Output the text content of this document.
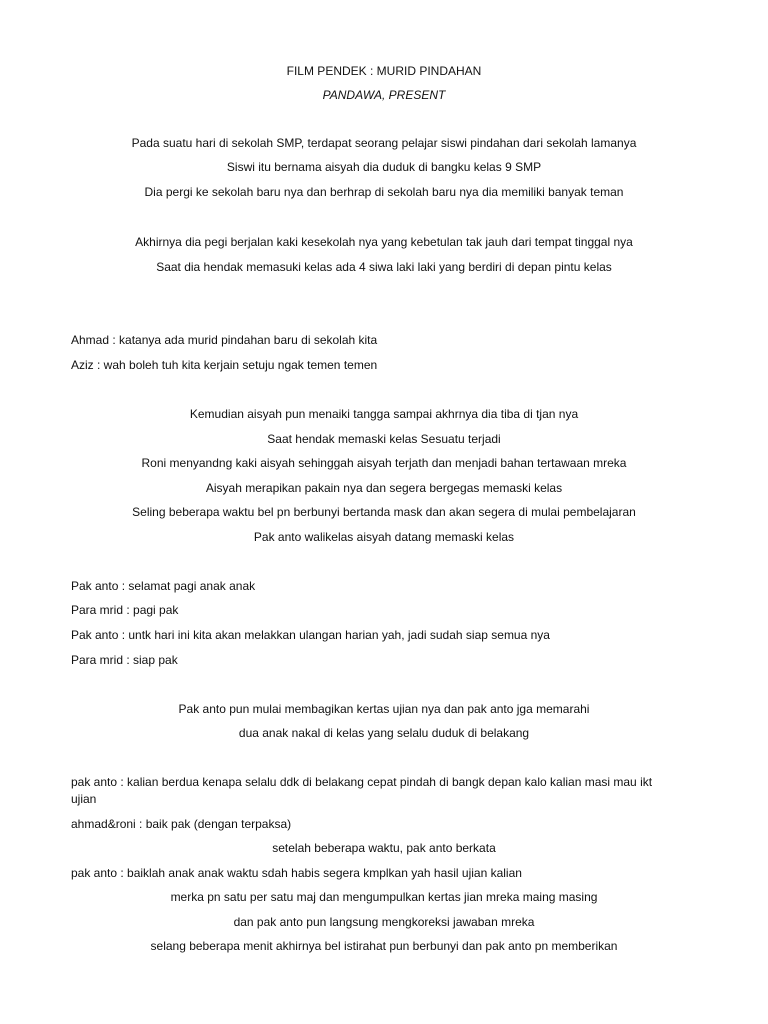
FILM PENDEK : MURID PINDAHAN
PANDAWA, PRESENT
Pada suatu hari di sekolah SMP, terdapat seorang pelajar siswi pindahan dari sekolah lamanya
Siswi itu bernama aisyah dia duduk di bangku kelas 9 SMP
Dia pergi ke sekolah baru nya dan berhrap di sekolah baru nya dia memiliki banyak teman
Akhirnya dia pegi berjalan kaki kesekolah nya yang kebetulan tak jauh dari tempat tinggal nya
Saat dia hendak memasuki kelas ada 4 siwa laki laki yang berdiri di depan pintu kelas
Ahmad : katanya ada murid pindahan baru di sekolah kita
Aziz : wah boleh tuh kita kerjain setuju ngak temen temen
Kemudian aisyah pun menaiki tangga sampai akhrnya dia tiba di tjan nya
Saat hendak memaski kelas Sesuatu terjadi
Roni menyandng kaki aisyah sehinggah aisyah terjath dan menjadi bahan tertawaan mreka
Aisyah merapikan pakain nya dan segera bergegas memaski kelas
Seling beberapa waktu bel pn berbunyi bertanda mask dan akan segera di mulai pembelajaran
Pak anto walikelas aisyah datang memaski kelas
Pak anto : selamat pagi anak anak
Para mrid : pagi pak
Pak anto : untk hari ini kita akan melakkan ulangan harian yah, jadi sudah siap semua nya
Para mrid : siap pak
Pak anto pun mulai membagikan kertas ujian nya dan pak anto jga memarahi
dua anak nakal di kelas yang selalu duduk di belakang
pak anto : kalian berdua kenapa selalu ddk di belakang cepat pindah di bangk depan kalo kalian masi mau ikt
ujian
ahmad&roni : baik pak (dengan terpaksa)
setelah beberapa waktu, pak anto berkata
pak anto : baiklah anak anak waktu sdah habis segera kmplkan yah hasil ujian kalian
merka pn satu per satu maj dan mengumpulkan kertas jian mreka maing masing
dan pak anto pun langsung mengkoreksi jawaban mreka
selang beberapa menit akhirnya bel istirahat pun berbunyi dan pak anto pn memberikan
